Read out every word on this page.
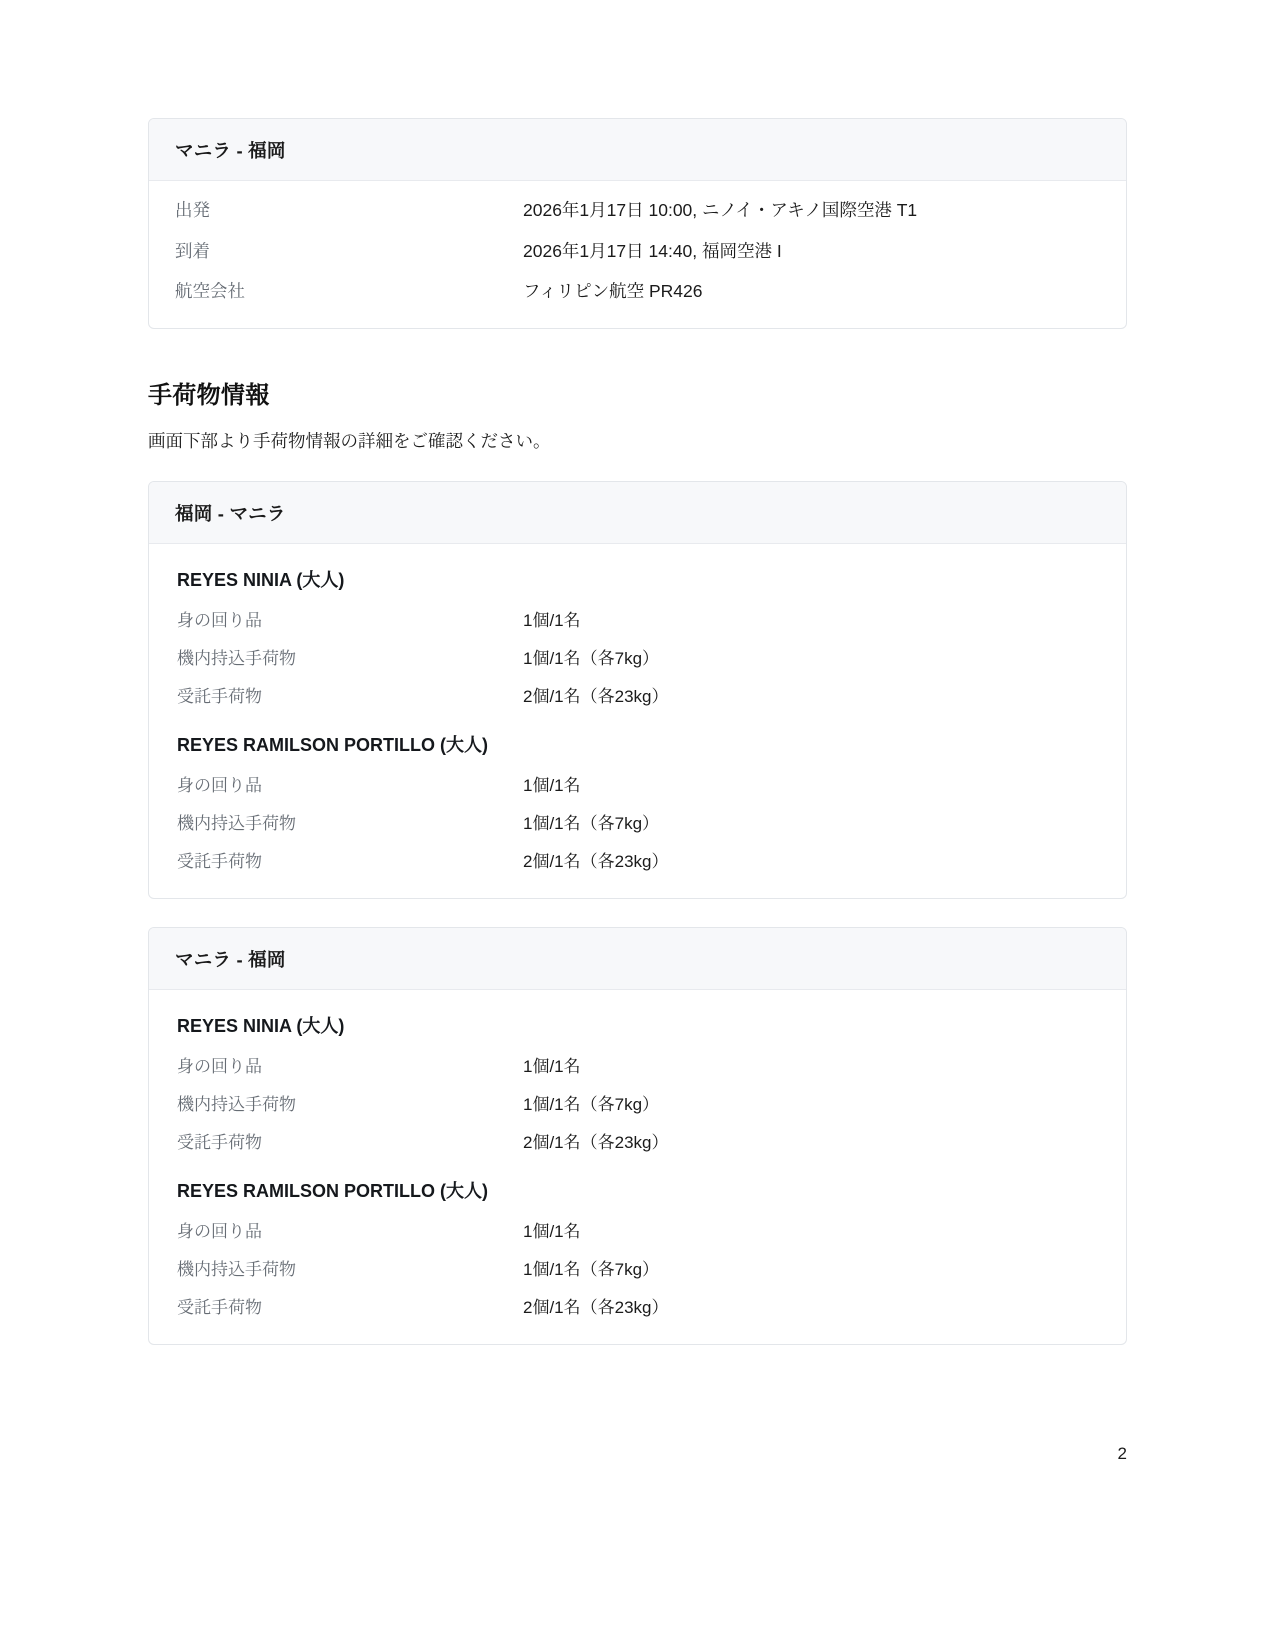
マニラ - 福岡
出発	2026年1月17日 10:00, ニノイ・アキノ国際空港 T1
到着	2026年1月17日 14:40, 福岡空港 I
航空会社	フィリピン航空 PR426
手荷物情報

画面下部より手荷物情報の詳細をご確認ください。

福岡 - マニラ
REYES NINIA (大人)
身の回り品	1個/1名
機内持込手荷物	1個/1名（各7kg）
受託手荷物	2個/1名（各23kg）
REYES RAMILSON PORTILLO (大人)
身の回り品	1個/1名
機内持込手荷物	1個/1名（各7kg）
受託手荷物	2個/1名（各23kg）
マニラ - 福岡
REYES NINIA (大人)
身の回り品	1個/1名
機内持込手荷物	1個/1名（各7kg）
受託手荷物	2個/1名（各23kg）
REYES RAMILSON PORTILLO (大人)
身の回り品	1個/1名
機内持込手荷物	1個/1名（各7kg）
受託手荷物	2個/1名（各23kg）
2
